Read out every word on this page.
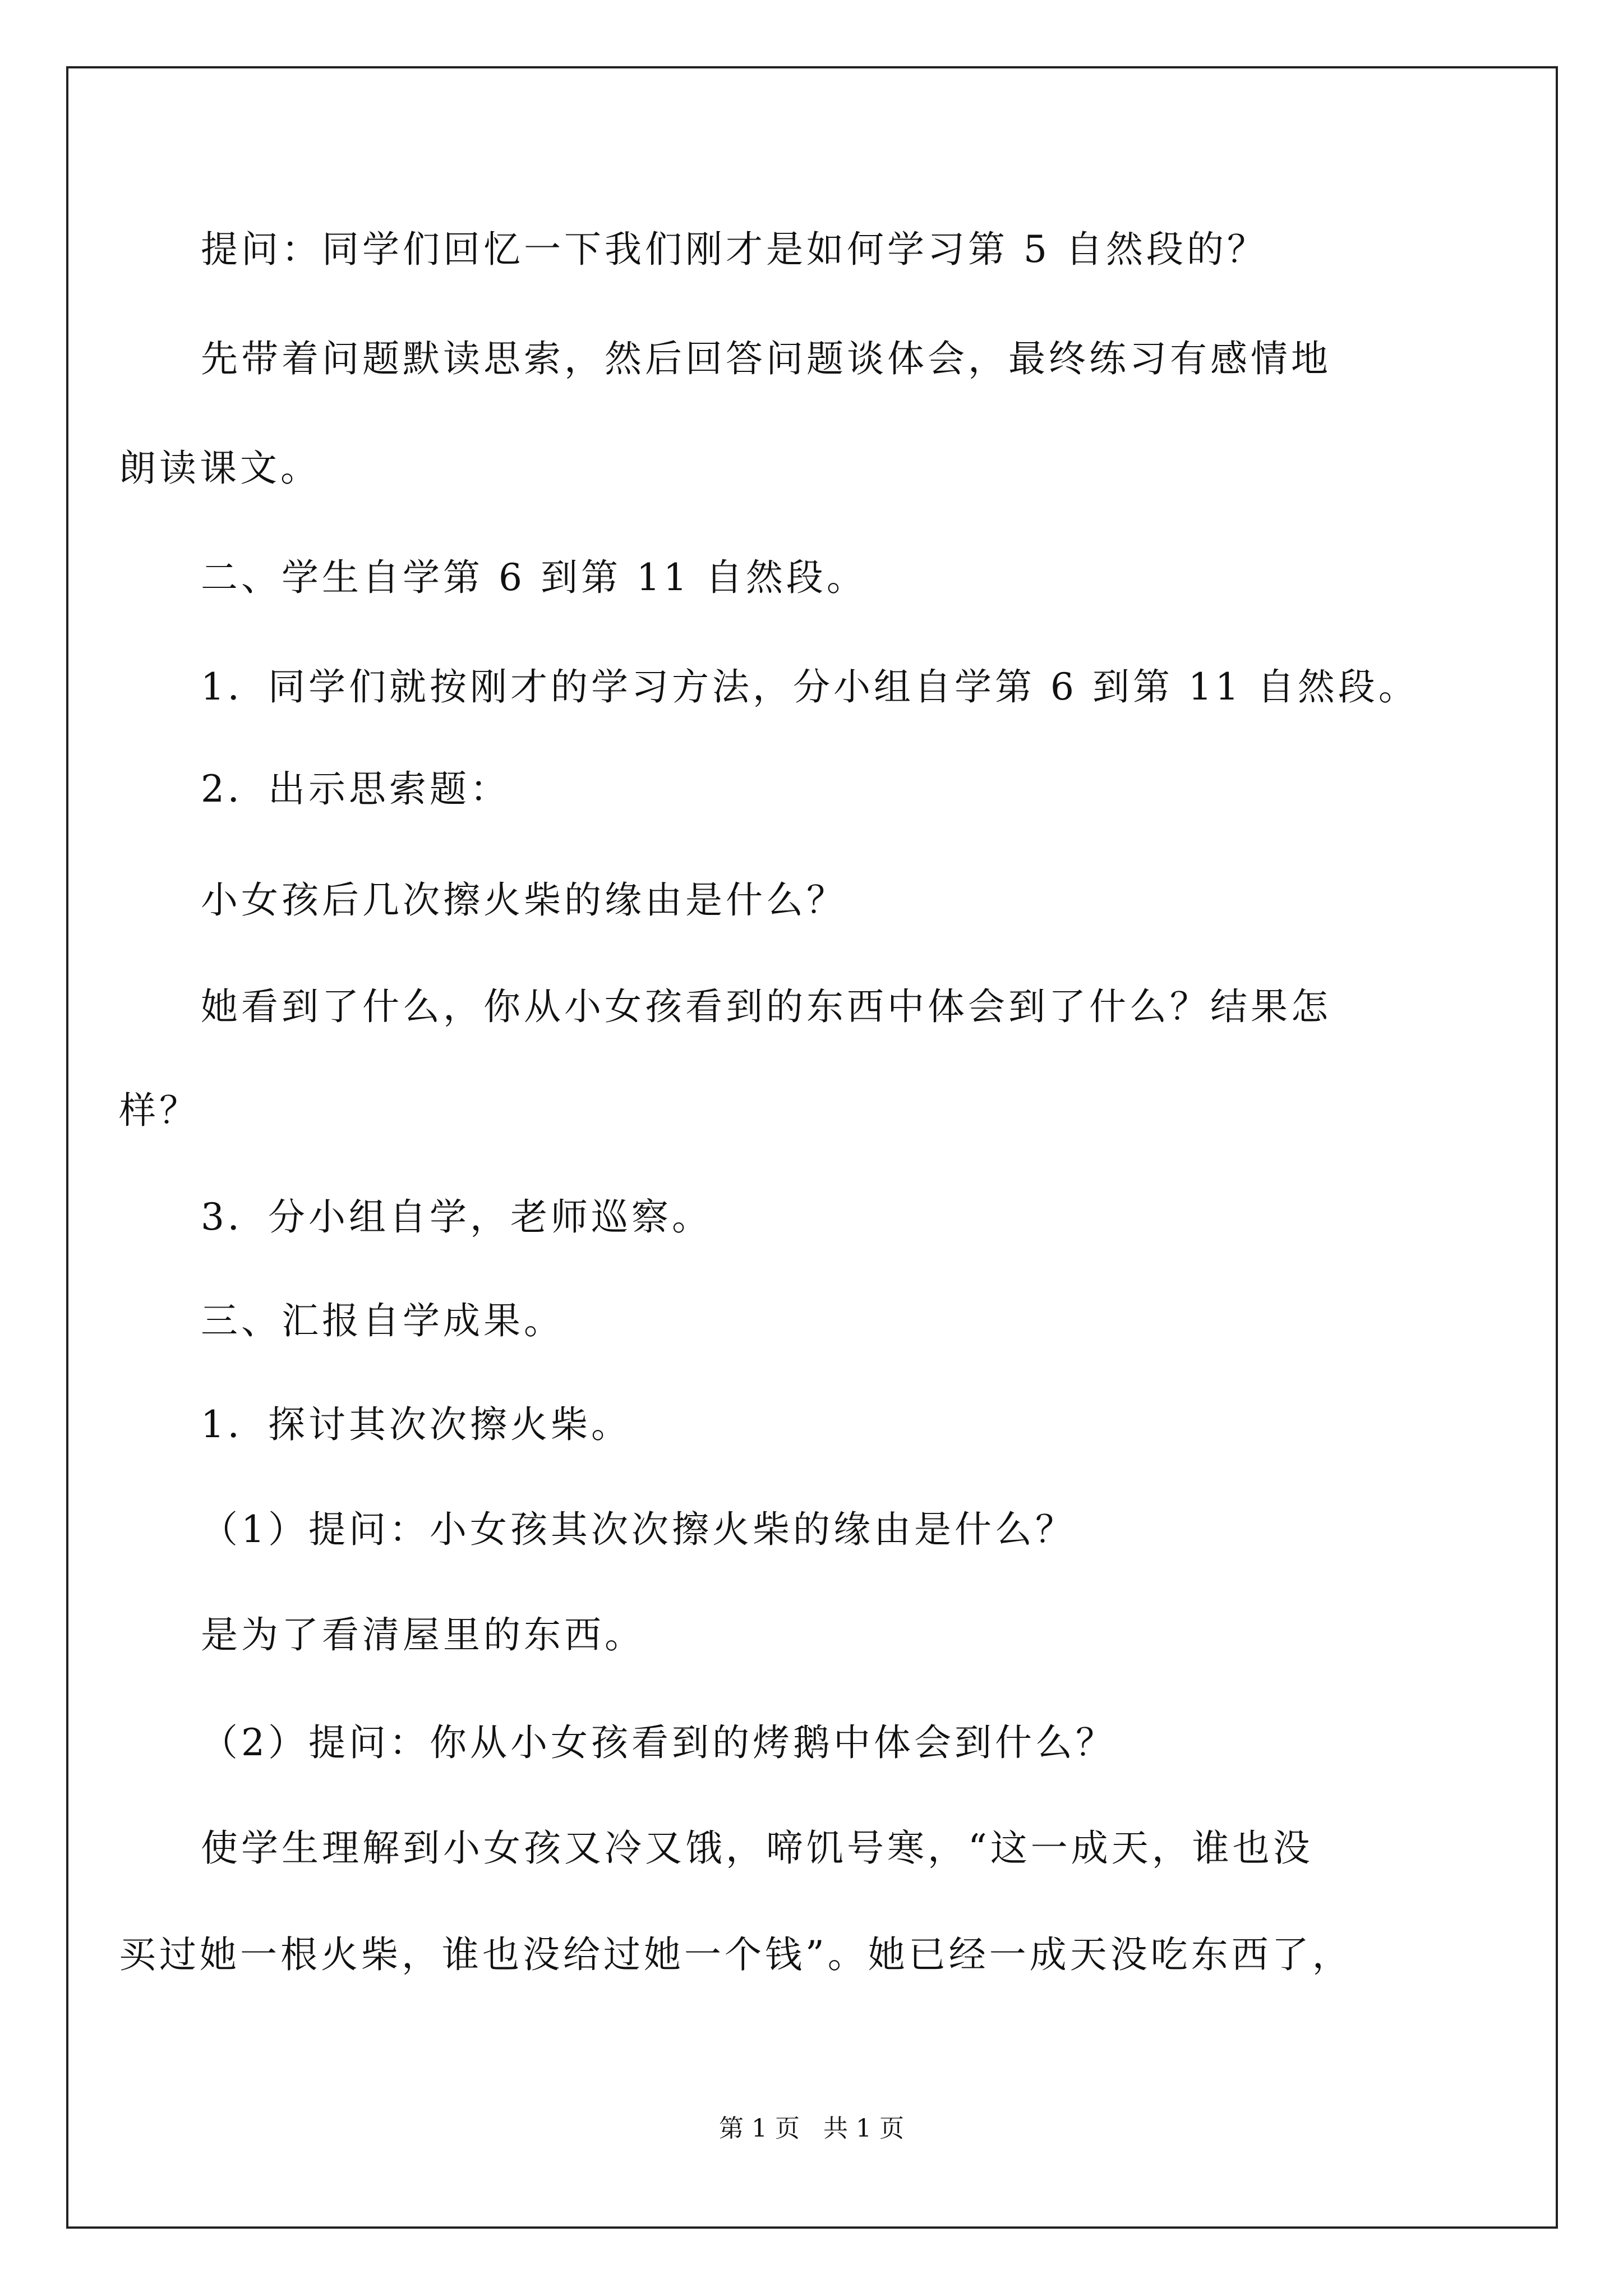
提问：同学们回忆一下我们刚才是如何学习第 5 自然段的？
先带着问题默读思索，然后回答问题谈体会，最终练习有感情地
朗读课文。
二、学生自学第 6 到第 11 自然段。
1．同学们就按刚才的学习方法，分小组自学第 6 到第 11 自然段。
2．出示思索题：
小女孩后几次擦火柴的缘由是什么？
她看到了什么，你从小女孩看到的东西中体会到了什么？结果怎
样？
3．分小组自学，老师巡察。
三、汇报自学成果。
1．探讨其次次擦火柴。
（1）提问：小女孩其次次擦火柴的缘由是什么？
是为了看清屋里的东西。
（2）提问：你从小女孩看到的烤鹅中体会到什么？
使学生理解到小女孩又冷又饿，啼饥号寒，“这一成天，谁也没
买过她一根火柴，谁也没给过她一个钱”。她已经一成天没吃东西了，
第 1 页 共 1 页
